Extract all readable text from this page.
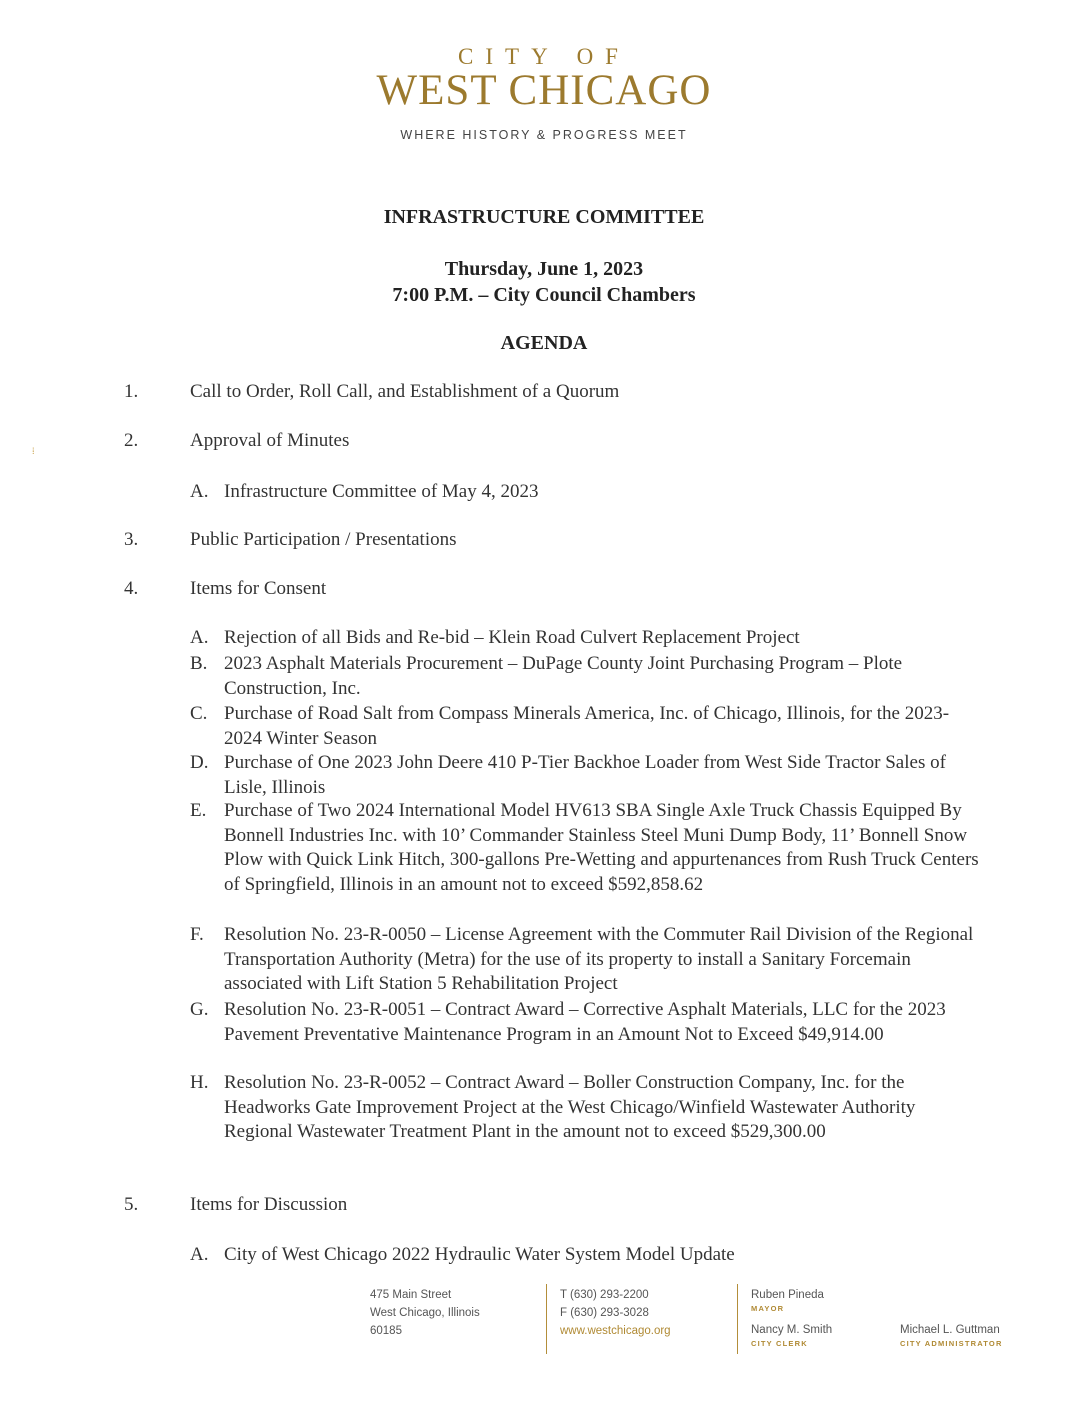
CITY OF
WEST CHICAGO
WHERE HISTORY & PROGRESS MEET
INFRASTRUCTURE COMMITTEE
Thursday, June 1, 2023
7:00 P.M. – City Council Chambers
AGENDA
⁞
1.	Call to Order, Roll Call, and Establishment of a Quorum
2.	Approval of Minutes
A. Infrastructure Committee of May 4, 2023
3.	Public Participation / Presentations
4.	Items for Consent
A. Rejection of all Bids and Re-bid – Klein Road Culvert Replacement Project
B. 2023 Asphalt Materials Procurement – DuPage County Joint Purchasing Program – Plote Construction, Inc.
C. Purchase of Road Salt from Compass Minerals America, Inc. of Chicago, Illinois, for the 2023-2024 Winter Season
D. Purchase of One 2023 John Deere 410 P-Tier Backhoe Loader from West Side Tractor Sales of Lisle, Illinois
E. Purchase of Two 2024 International Model HV613 SBA Single Axle Truck Chassis Equipped By Bonnell Industries Inc. with 10’ Commander Stainless Steel Muni Dump Body, 11’ Bonnell Snow Plow with Quick Link Hitch, 300-gallons Pre-Wetting and appurtenances from Rush Truck Centers of Springfield, Illinois in an amount not to exceed $592,858.62
F.	Resolution No. 23-R-0050 – License Agreement with the Commuter Rail Division of the Regional Transportation Authority (Metra) for the use of its property to install a Sanitary Forcemain associated with Lift Station 5 Rehabilitation Project
G. Resolution No. 23-R-0051 – Contract Award – Corrective Asphalt Materials, LLC for the 2023 Pavement Preventative Maintenance Program in an Amount Not to Exceed $49,914.00
H. Resolution No. 23-R-0052 – Contract Award – Boller Construction Company, Inc. for the Headworks Gate Improvement Project at the West Chicago/Winfield Wastewater Authority Regional Wastewater Treatment Plant in the amount not to exceed $529,300.00
5.	Items for Discussion
A. City of West Chicago 2022 Hydraulic Water System Model Update
475 Main Street
West Chicago, Illinois
60185
T (630) 293-2200
F (630) 293-3028
www.westchicago.org
Ruben Pineda
MAYOR
Nancy M. Smith
CITY CLERK
Michael L. Guttman
CITY ADMINISTRATOR
